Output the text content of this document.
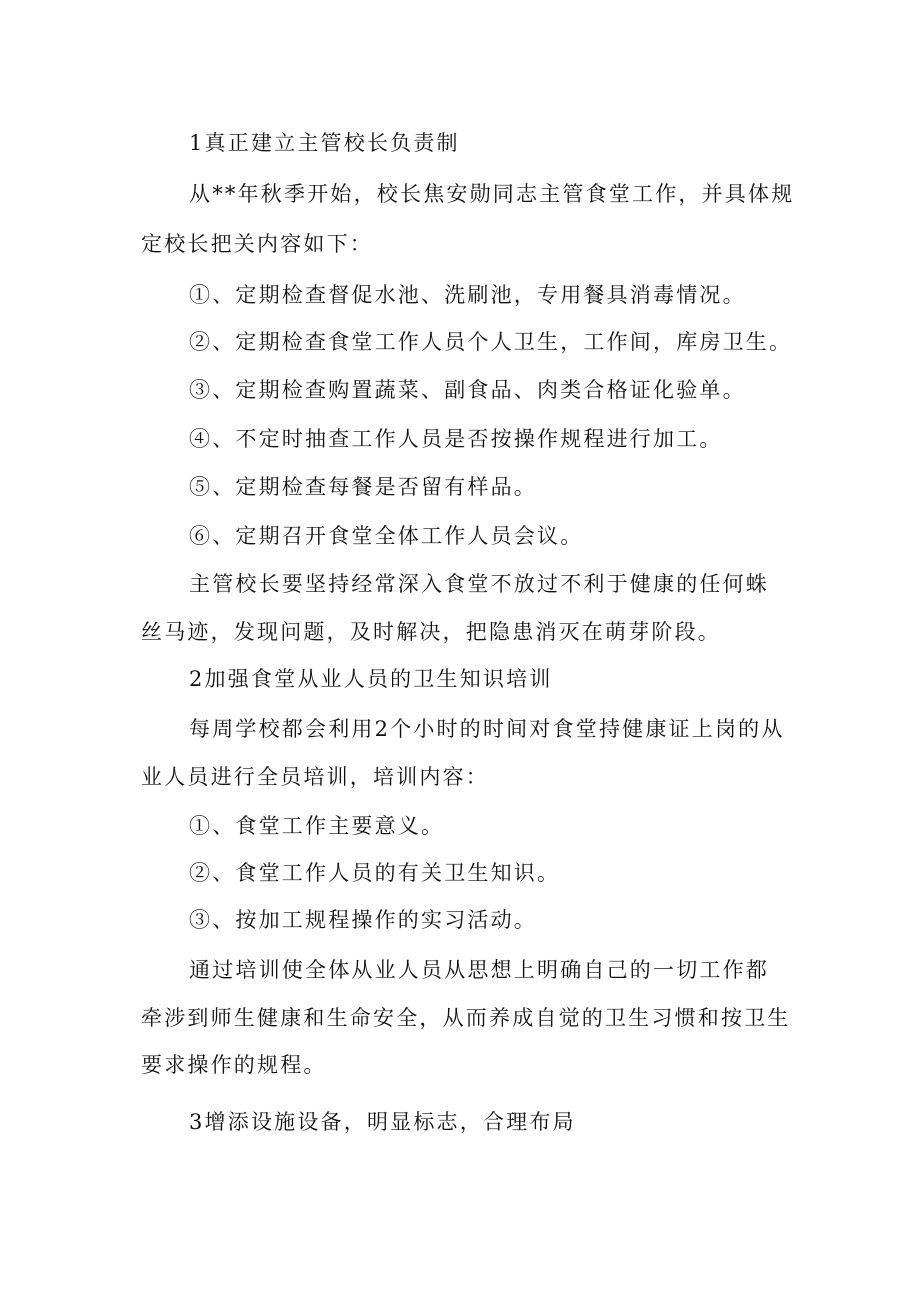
1真正建立主管校长负责制
从**年秋季开始，校长焦安勋同志主管食堂工作，并具体规
定校长把关内容如下：
①、定期检查督促水池、洗刷池，专用餐具消毒情况。
②、定期检查食堂工作人员个人卫生，工作间，库房卫生。
③、定期检查购置蔬菜、副食品、肉类合格证化验单。
④、不定时抽查工作人员是否按操作规程进行加工。
⑤、定期检查每餐是否留有样品。
⑥、定期召开食堂全体工作人员会议。
主管校长要坚持经常深入食堂不放过不利于健康的任何蛛
丝马迹，发现问题，及时解决，把隐患消灭在萌芽阶段。
2加强食堂从业人员的卫生知识培训
每周学校都会利用2个小时的时间对食堂持健康证上岗的从
业人员进行全员培训，培训内容：
①、食堂工作主要意义。
②、食堂工作人员的有关卫生知识。
③、按加工规程操作的实习活动。
通过培训使全体从业人员从思想上明确自己的一切工作都
牵涉到师生健康和生命安全，从而养成自觉的卫生习惯和按卫生
要求操作的规程。
3增添设施设备，明显标志，合理布局
